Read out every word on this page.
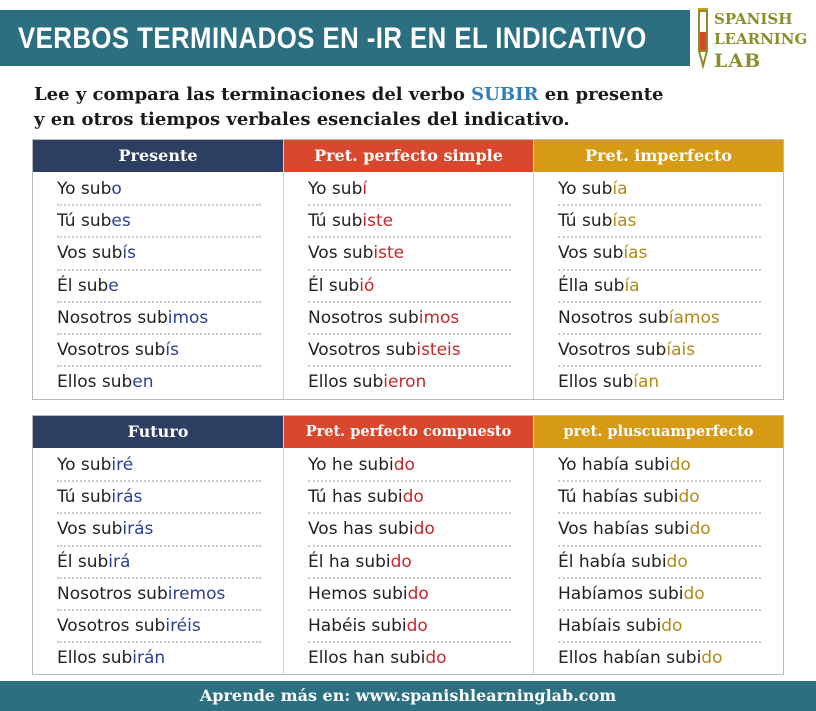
VERBOS TERMINADOS EN -IR EN EL INDICATIVO
SPANISH
LEARNING
LAB
Lee y compara las terminaciones del verbo SUBIR en presente
y en otros tiempos verbales esenciales del indicativo.
Presente
Yo subo
Tú subes
Vos subís
Él sube
Nosotros subimos
Vosotros subís
Ellos suben
Pret. perfecto simple
Yo subí
Tú subiste
Vos subiste
Él subió
Nosotros subimos
Vosotros subisteis
Ellos subieron
Pret. imperfecto
Yo subía
Tú subías
Vos subías
Élla subía
Nosotros subíamos
Vosotros subíais
Ellos subían
Futuro
Yo subiré
Tú subirás
Vos subirás
Él subirá
Nosotros subiremos
Vosotros subiréis
Ellos subirán
Pret. perfecto compuesto
Yo he subido
Tú has subido
Vos has subido
Él ha subido
Hemos subido
Habéis subido
Ellos han subido
pret. pluscuamperfecto
Yo había subido
Tú habías subido
Vos habías subido
Él había subido
Habíamos subido
Habíais subido
Ellos habían subido
Aprende más en: www.spanishlearninglab.com
